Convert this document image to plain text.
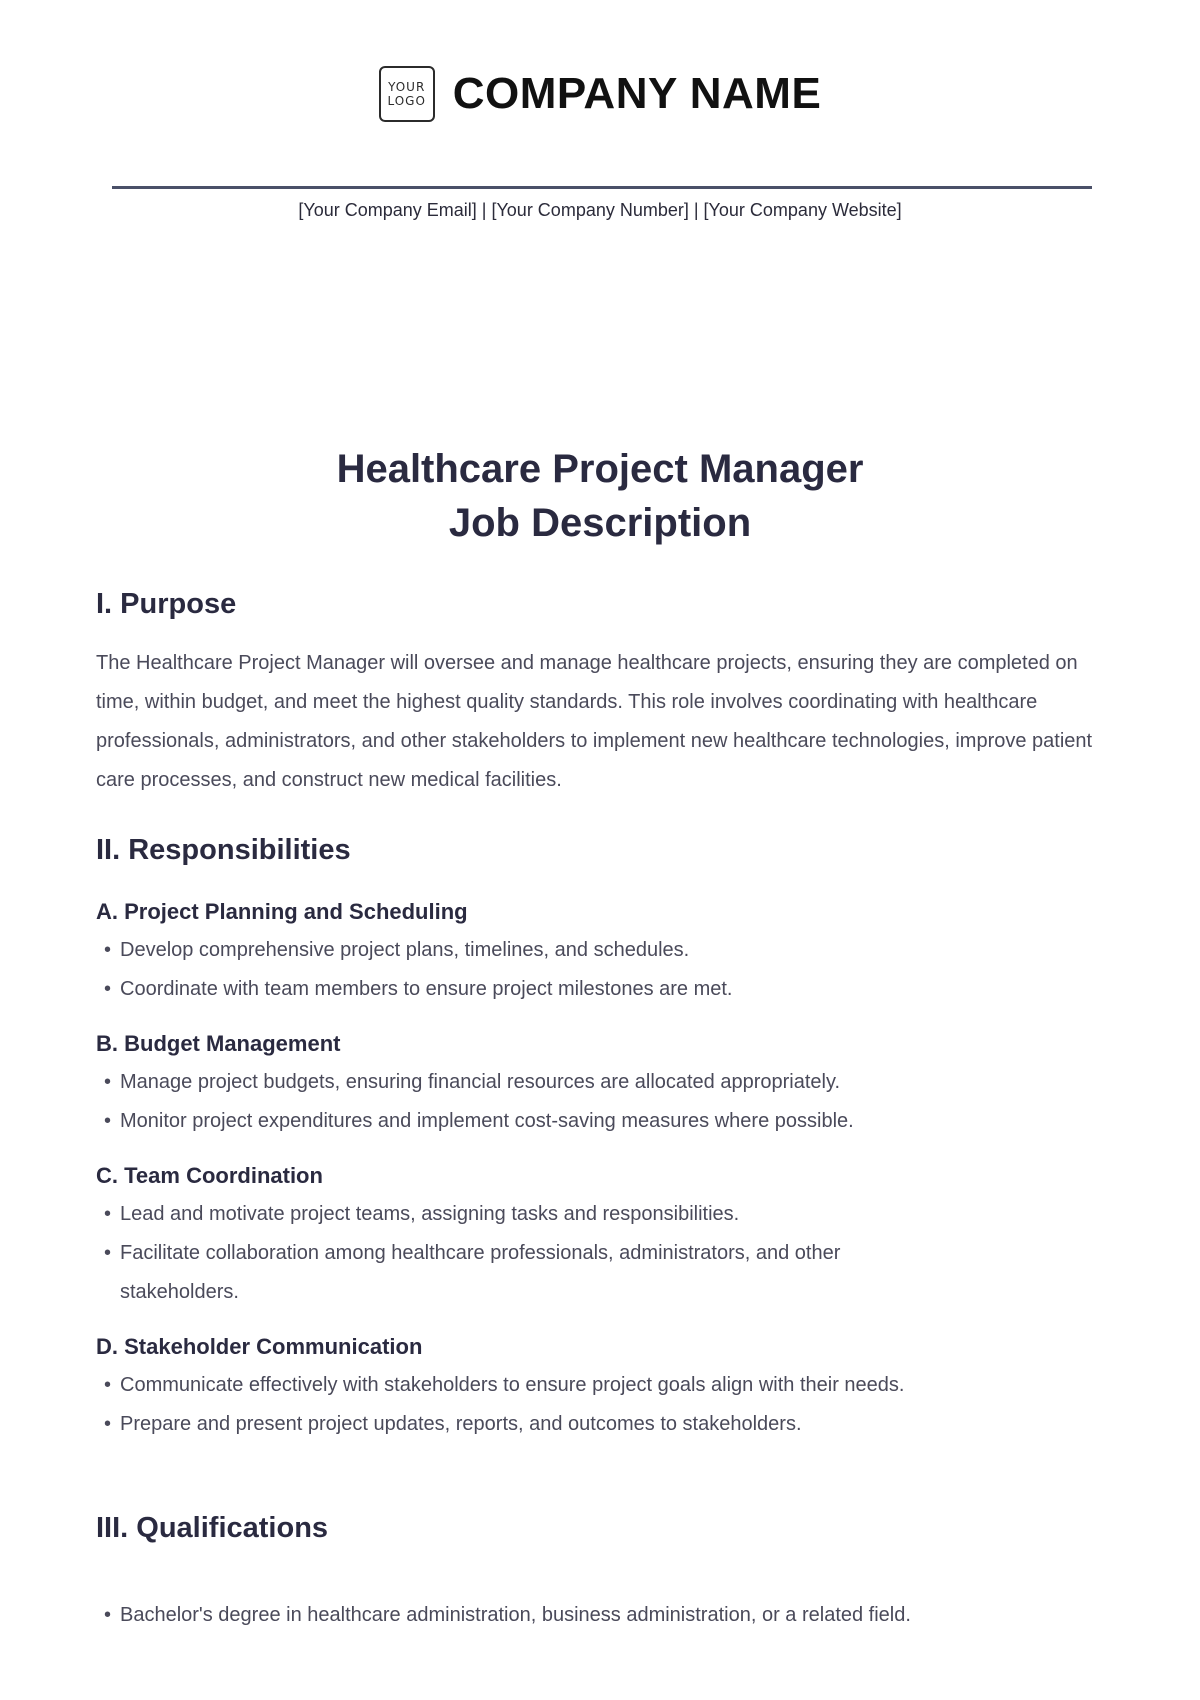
YOUR
LOGO COMPANY NAME
[Your Company Email] | [Your Company Number] | [Your Company Website]
Healthcare Project Manager
Job Description
I. Purpose

The Healthcare Project Manager will oversee and manage healthcare projects, ensuring they are completed on time, within budget, and meet the highest quality standards. This role involves coordinating with healthcare professionals, administrators, and other stakeholders to implement new healthcare technologies, improve patient care processes, and construct new medical facilities.

II. Responsibilities
A. Project Planning and Scheduling
• Develop comprehensive project plans, timelines, and schedules.
• Coordinate with team members to ensure project milestones are met.
B. Budget Management
• Manage project budgets, ensuring financial resources are allocated appropriately.
• Monitor project expenditures and implement cost-saving measures where possible.
C. Team Coordination
• Lead and motivate project teams, assigning tasks and responsibilities.
• Facilitate collaboration among healthcare professionals, administrators, and other stakeholders.
D. Stakeholder Communication
• Communicate effectively with stakeholders to ensure project goals align with their needs.
• Prepare and present project updates, reports, and outcomes to stakeholders.
III. Qualifications
• Bachelor's degree in healthcare administration, business administration, or a related field.
